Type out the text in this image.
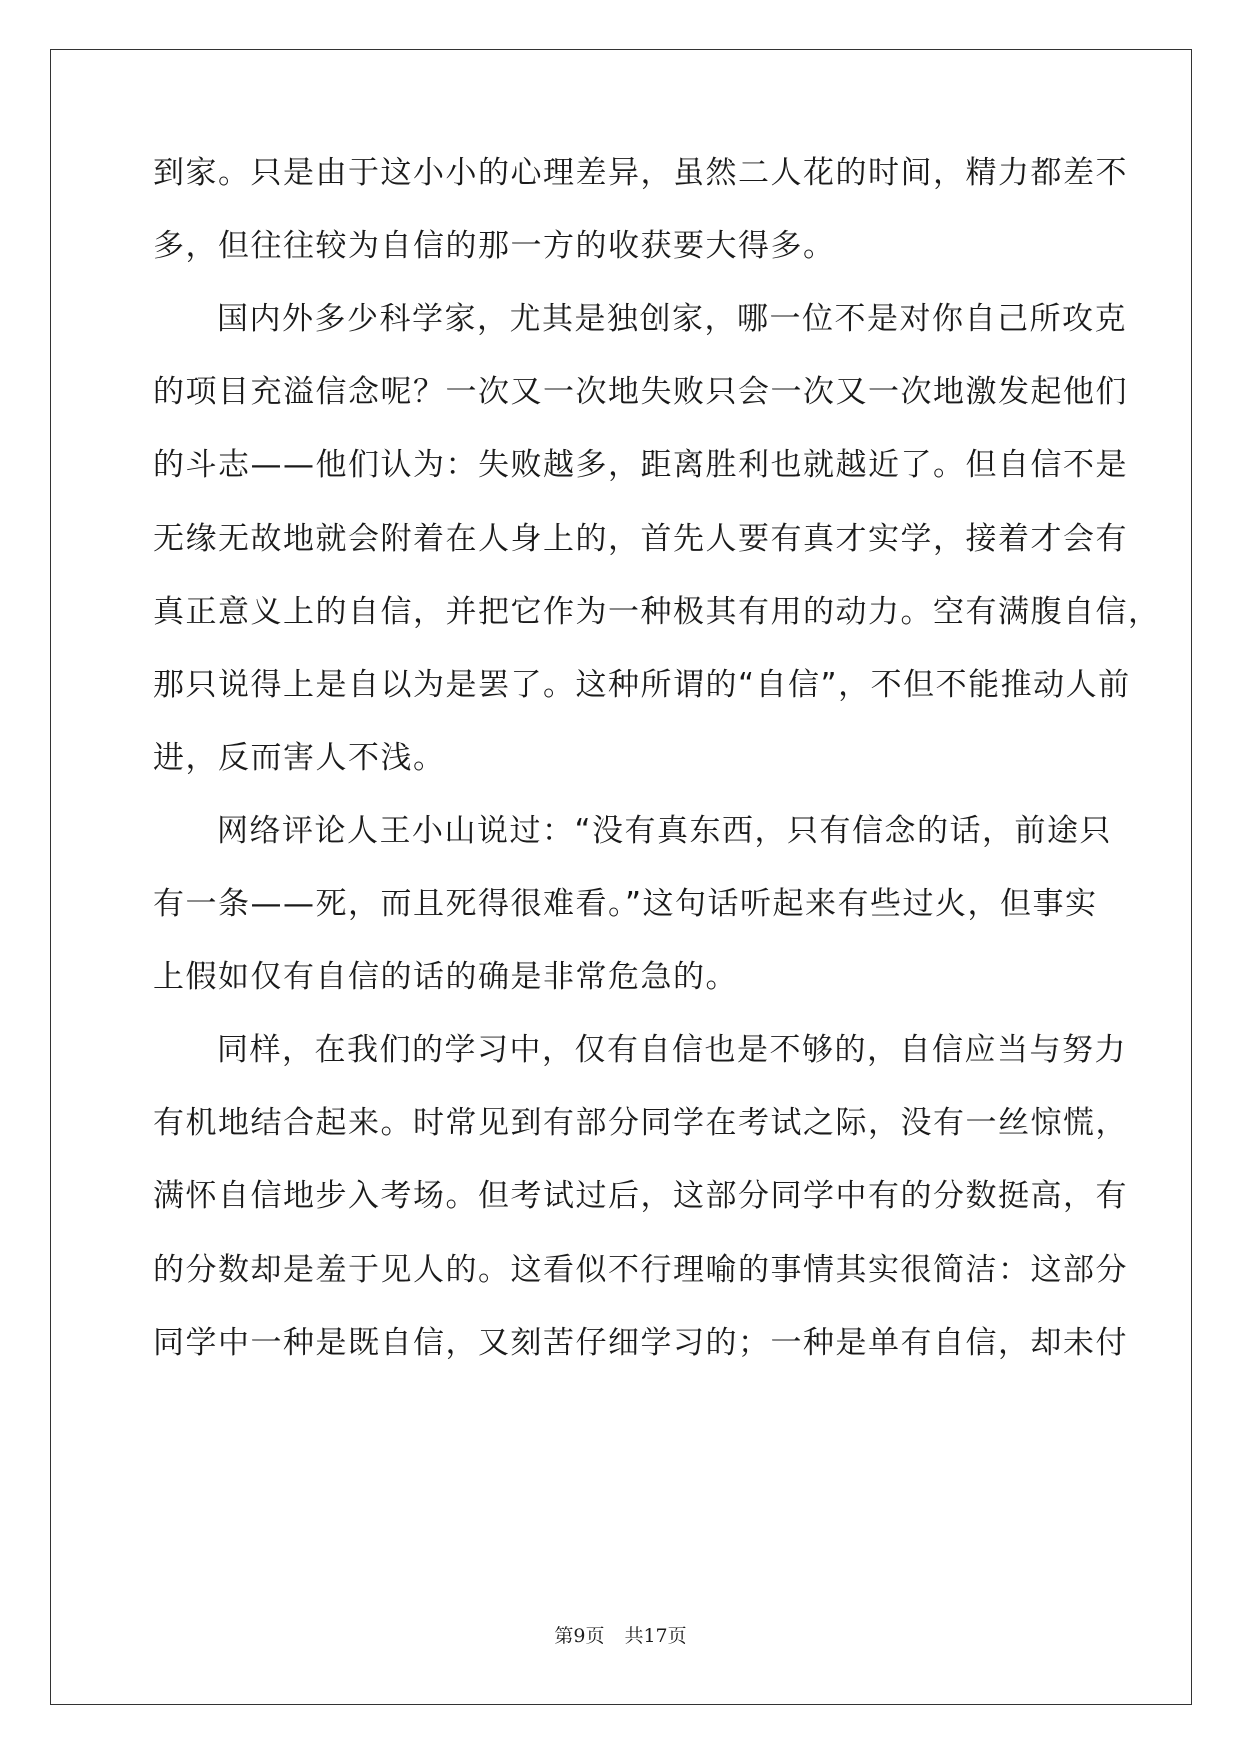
到家。只是由于这小小的心理差异，虽然二人花的时间，精力都差不
多，但往往较为自信的那一方的收获要大得多。
国内外多少科学家，尤其是独创家，哪一位不是对你自己所攻克
的项目充溢信念呢？一次又一次地失败只会一次又一次地激发起他们
的斗志——他们认为：失败越多，距离胜利也就越近了。但自信不是
无缘无故地就会附着在人身上的，首先人要有真才实学，接着才会有
真正意义上的自信，并把它作为一种极其有用的动力。空有满腹自信，
那只说得上是自以为是罢了。这种所谓的“自信”，不但不能推动人前
进，反而害人不浅。
网络评论人王小山说过：“没有真东西，只有信念的话，前途只
有一条——死，而且死得很难看。”这句话听起来有些过火，但事实
上假如仅有自信的话的确是非常危急的。
同样，在我们的学习中，仅有自信也是不够的，自信应当与努力
有机地结合起来。时常见到有部分同学在考试之际，没有一丝惊慌，
满怀自信地步入考场。但考试过后，这部分同学中有的分数挺高，有
的分数却是羞于见人的。这看似不行理喻的事情其实很简洁：这部分
同学中一种是既自信，又刻苦仔细学习的；一种是单有自信，却未付
第9页 共17页
